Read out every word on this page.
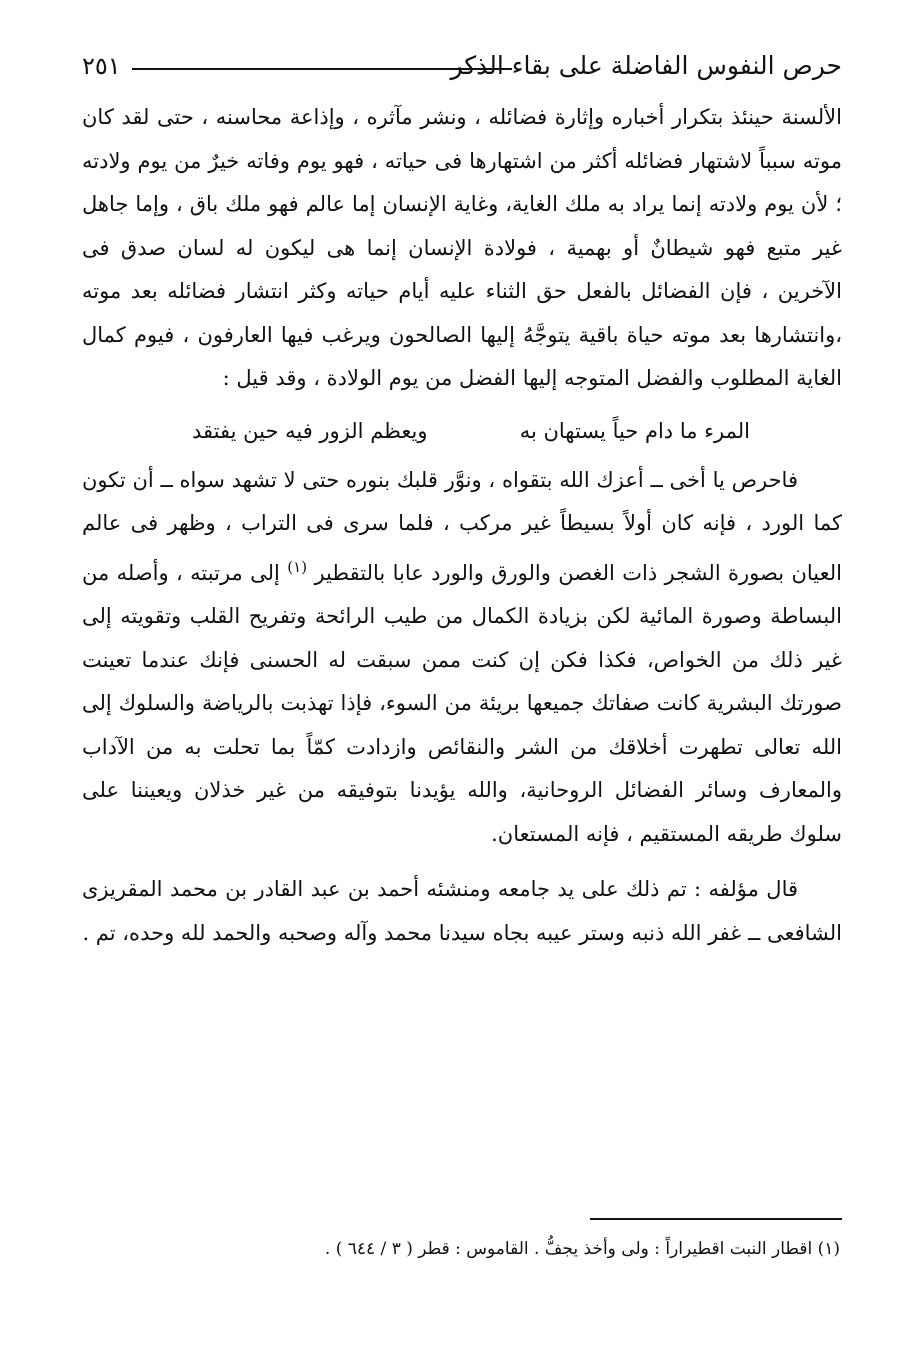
حرص النفوس الفاضلة على بقاء الذكر
٢٥١

الألسنة حينئذ بتكرار أخباره وإثارة فضائله ، ونشر مآثره ، وإذاعة محاسنه ، حتى لقد كان موته سبباً لاشتهار فضائله أكثر من اشتهارها فى حياته ، فهو يوم وفاته خيرٌ من يوم ولادته ؛ لأن يوم ولادته إنما يراد به ملك الغاية، وغاية الإنسان إما عالم فهو ملك باق ، وإما جاهل غير متبع فهو شيطانٌ أو بهمية ، فولادة الإنسان إنما هى ليكون له لسان صدق فى الآخرين ، فإن الفضائل بالفعل حق الثناء عليه أيام حياته وكثر انتشار فضائله بعد موته ،وانتشارها بعد موته حياة باقية يتوجَّهُ إليها الصالحون ويرغب فيها العارفون ، فيوم كمال الغاية المطلوب والفضل المتوجه إليها الفضل من يوم الولادة ، وقد قيل :

المرء ما دام حياً يستهان به
ويعظم الزور فيه حين يفتقد

فاحرص يا أخى ــ أعزك الله بتقواه ، ونوَّر قلبك بنوره حتى لا تشهد سواه ــ أن تكون كما الورد ، فإنه كان أولاً بسيطاً غير مركب ، فلما سرى فى التراب ، وظهر فى عالم العيان بصورة الشجر ذات الغصن والورق والورد عابا بالتقطير $^{(١)}$ إلى مرتبته ، وأصله من البساطة وصورة المائية لكن بزيادة الكمال من طيب الرائحة وتفريح القلب وتقويته إلى غير ذلك من الخواص، فكذا فكن إن كنت ممن سبقت له الحسنى فإنك عندما تعينت صورتك البشرية كانت صفاتك جميعها بريئة من السوء، فإذا تهذبت بالرياضة والسلوك إلى الله تعالى تطهرت أخلاقك من الشر والنقائص وازدادت كمّاً بما تحلت به من الآداب والمعارف وسائر الفضائل الروحانية، والله يؤيدنا بتوفيقه من غير خذلان ويعيننا على سلوك طريقه المستقيم ، فإنه المستعان.

قال مؤلفه : تم ذلك على يد جامعه ومنشئه أحمد بن عبد القادر بن محمد المقريزى الشافعى ــ غفر الله ذنبه وستر عيبه بجاه سيدنا محمد وآله وصحبه والحمد لله وحده، تم .

(١) اقطار النبت اقطيراراً : ولى وأخذ يجفُّ . القاموس : قطر ( ٣ / ٦٤٤ ) .
